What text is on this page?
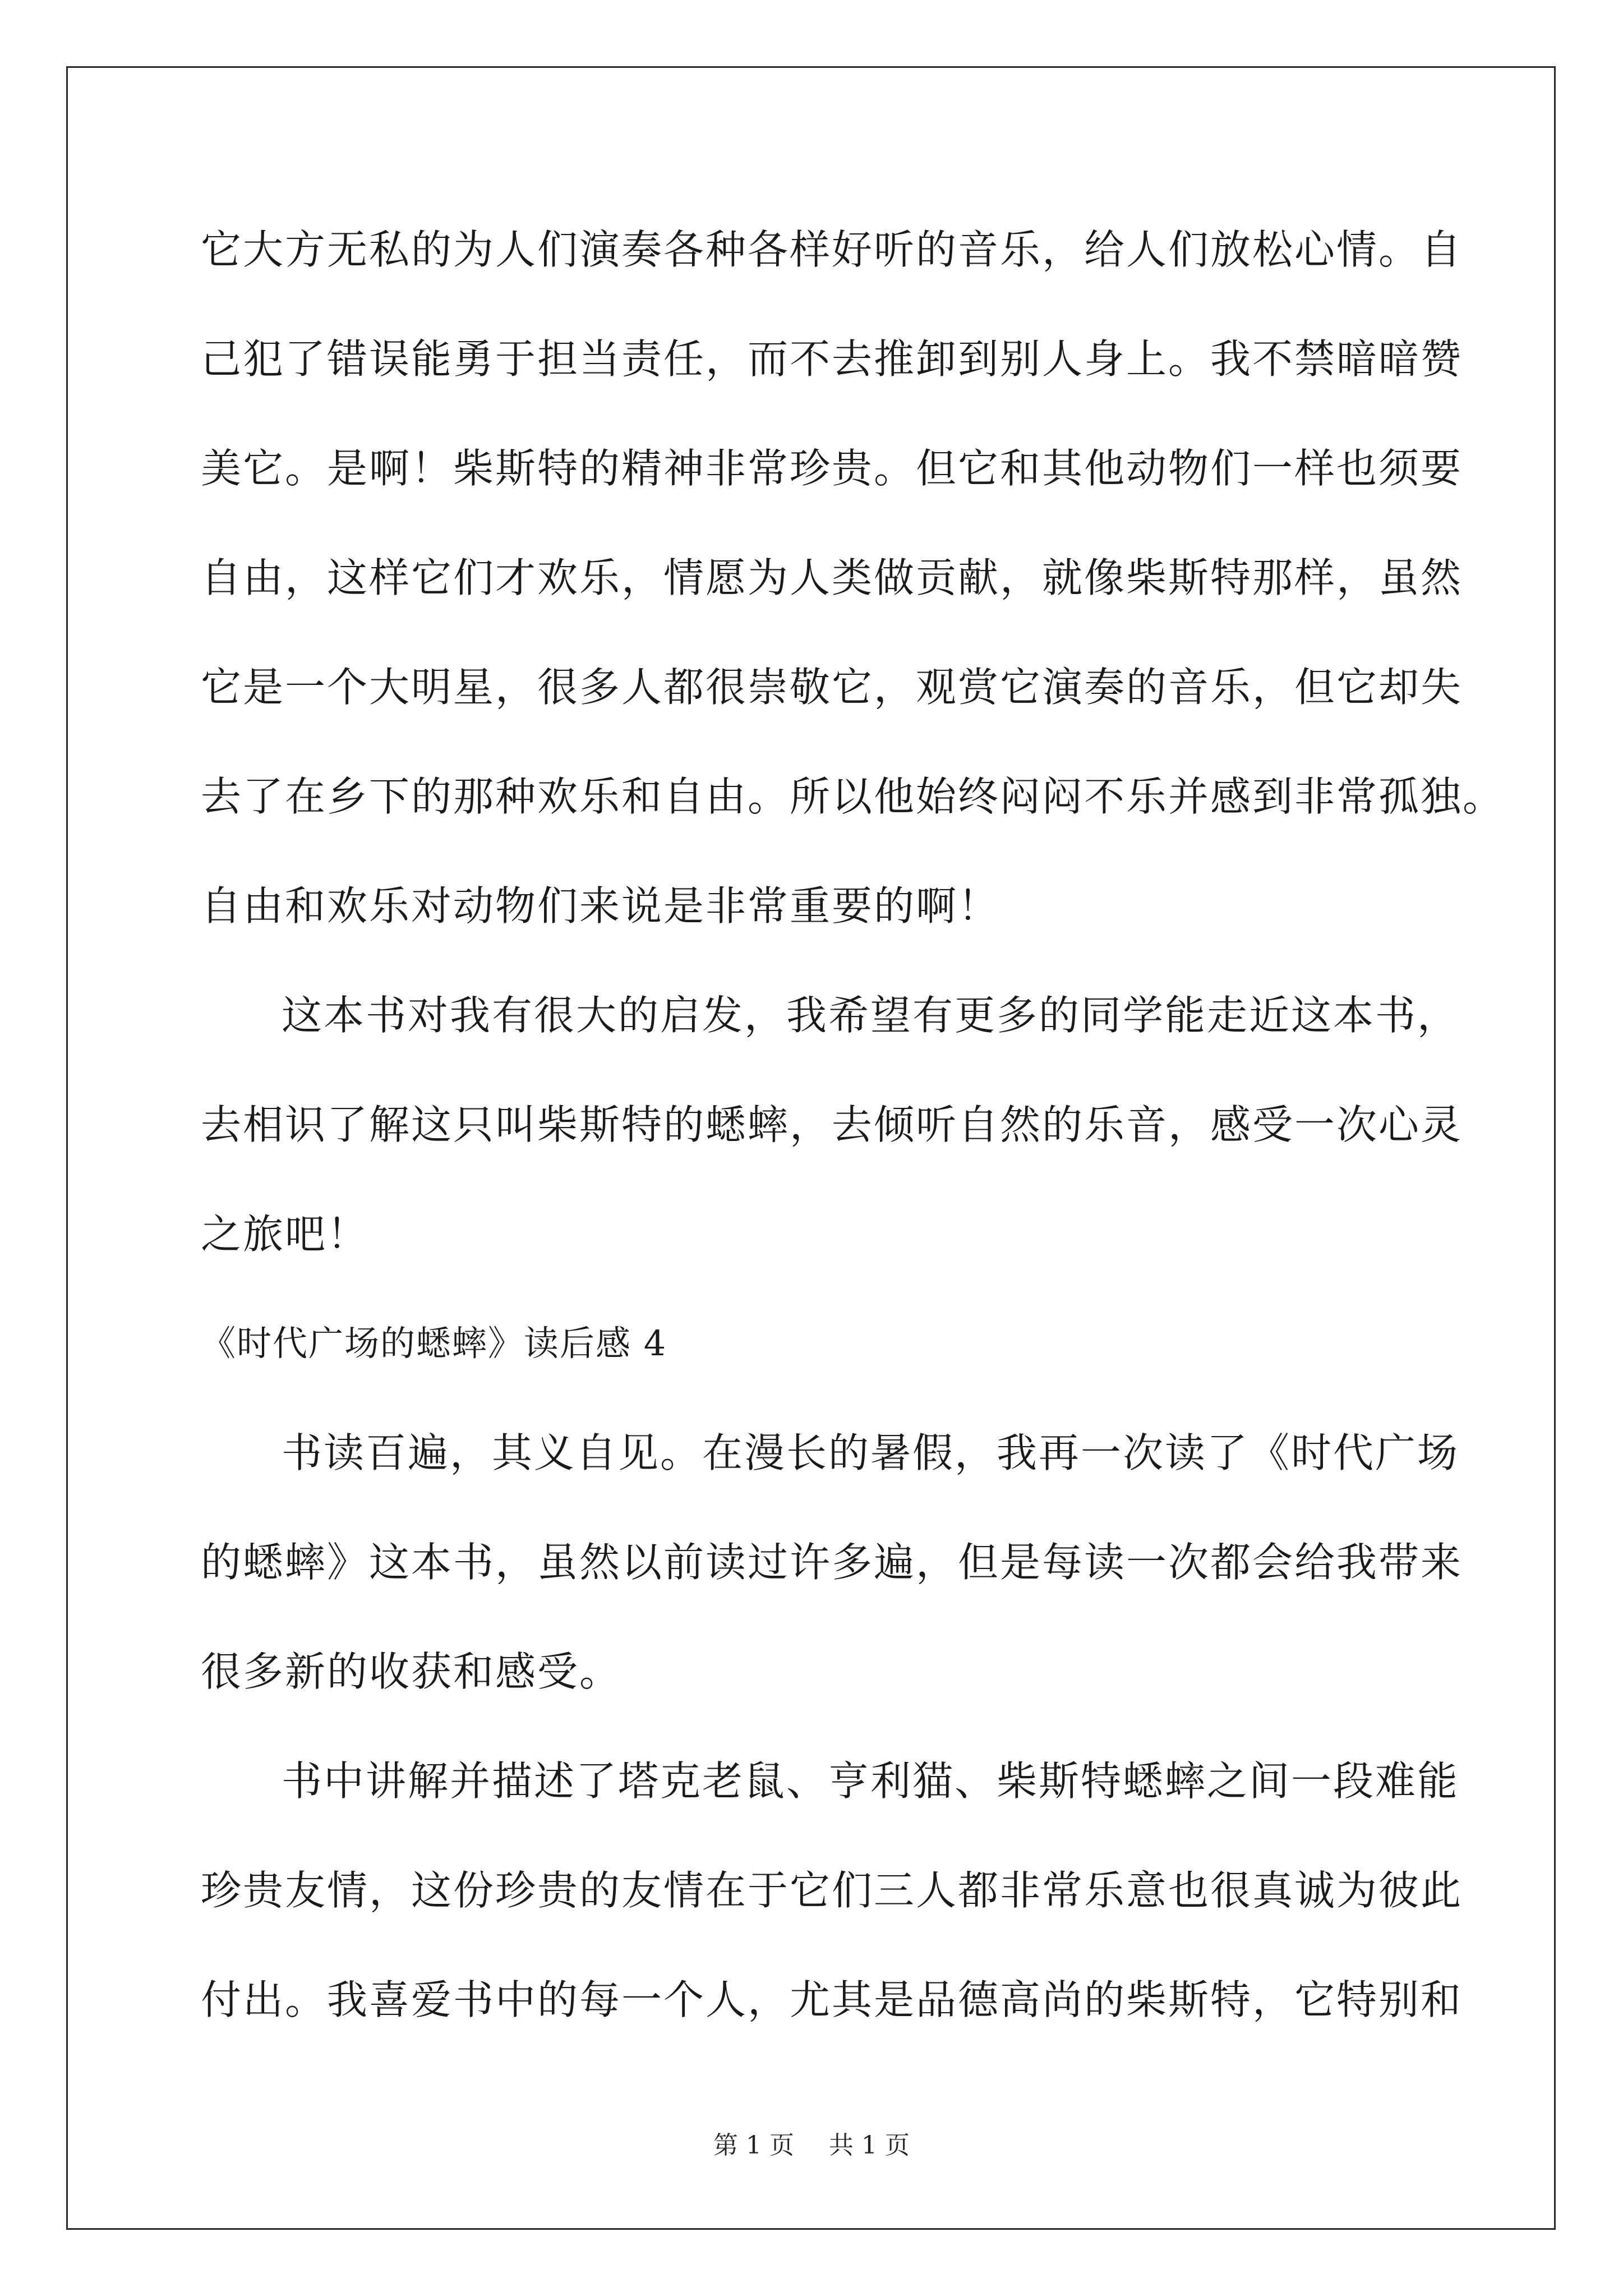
它大方无私的为人们演奏各种各样好听的音乐，给人们放松心情。自
己犯了错误能勇于担当责任，而不去推卸到别人身上。我不禁暗暗赞
美它。是啊！柴斯特的精神非常珍贵。但它和其他动物们一样也须要
自由，这样它们才欢乐，情愿为人类做贡献，就像柴斯特那样，虽然
它是一个大明星，很多人都很崇敬它，观赏它演奏的音乐，但它却失
去了在乡下的那种欢乐和自由。所以他始终闷闷不乐并感到非常孤独。
自由和欢乐对动物们来说是非常重要的啊！
这本书对我有很大的启发，我希望有更多的同学能走近这本书，
去相识了解这只叫柴斯特的蟋蟀，去倾听自然的乐音，感受一次心灵
之旅吧！
《时代广场的蟋蟀》读后感 4
书读百遍，其义自见。在漫长的暑假，我再一次读了《时代广场
的蟋蟀》这本书，虽然以前读过许多遍，但是每读一次都会给我带来
很多新的收获和感受。
书中讲解并描述了塔克老鼠、亨利猫、柴斯特蟋蟀之间一段难能
珍贵友情，这份珍贵的友情在于它们三人都非常乐意也很真诚为彼此
付出。我喜爱书中的每一个人，尤其是品德高尚的柴斯特，它特别和
第 1 页 共 1 页
